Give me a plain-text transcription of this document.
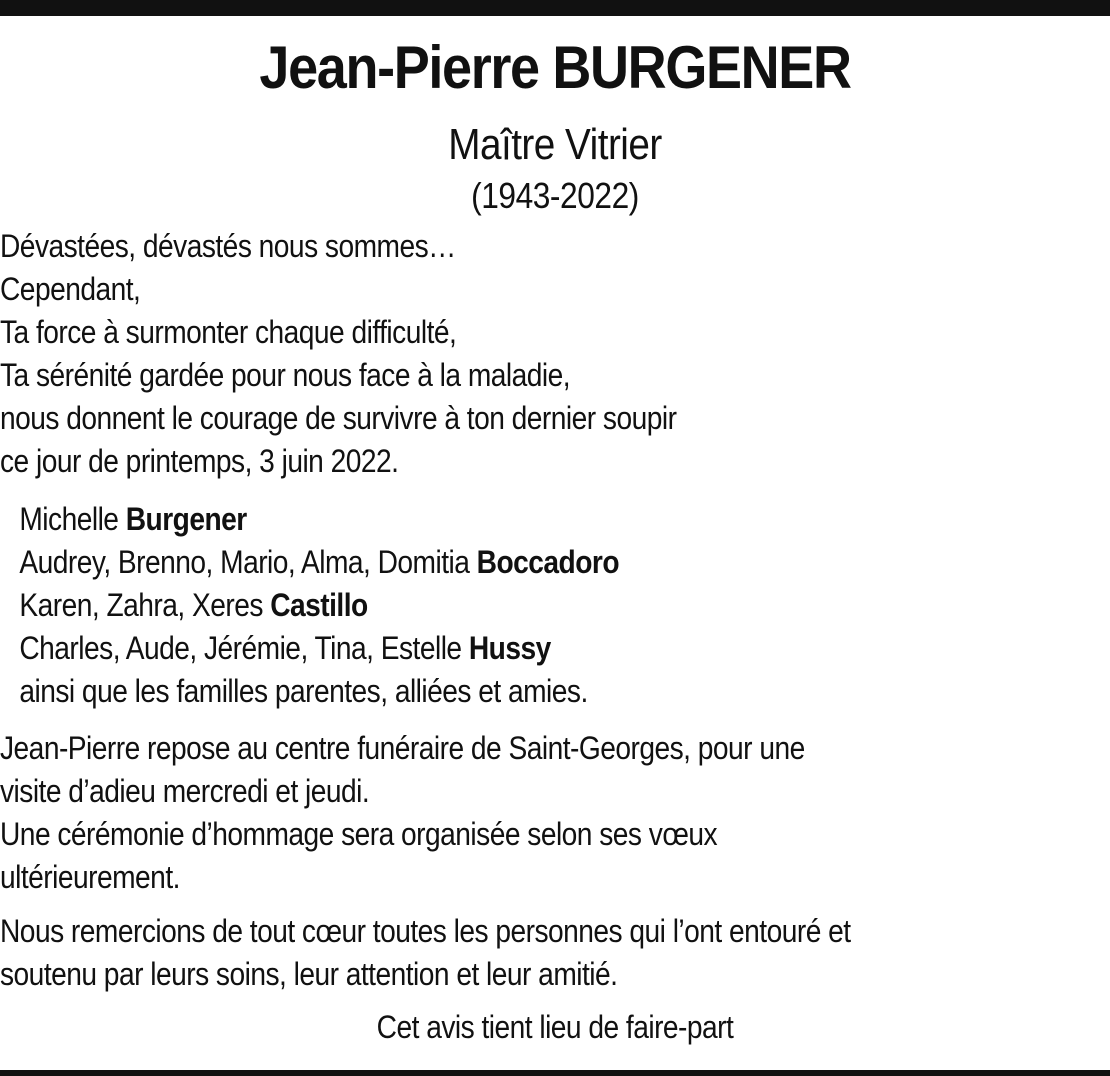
Jean-Pierre BURGENER
Maître Vitrier
(1943-2022)
Dévastées, dévastés nous sommes…
Cependant,
Ta force à surmonter chaque difficulté,
Ta sérénité gardée pour nous face à la maladie,
nous donnent le courage de survivre à ton dernier soupir
ce jour de printemps, 3 juin 2022.
Michelle Burgener
Audrey, Brenno, Mario, Alma, Domitia Boccadoro
Karen, Zahra, Xeres Castillo
Charles, Aude, Jérémie, Tina, Estelle Hussy
ainsi que les familles parentes, alliées et amies.
Jean-Pierre repose au centre funéraire de Saint-Georges, pour une
visite d’adieu mercredi et jeudi.
Une cérémonie d’hommage sera organisée selon ses vœux
ultérieurement.
Nous remercions de tout cœur toutes les personnes qui l’ont entouré et
soutenu par leurs soins, leur attention et leur amitié.
Cet avis tient lieu de faire-part
